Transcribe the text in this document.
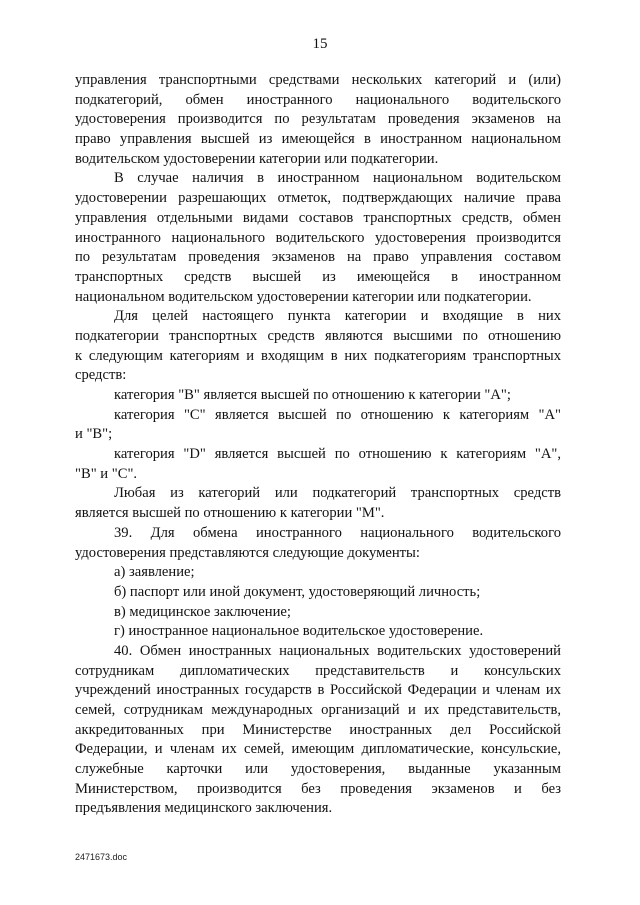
15
управления транспортными средствами нескольких категорий и (или)
подкатегорий, обмен иностранного национального водительского
удостоверения производится по результатам проведения экзаменов на
право управления высшей из имеющейся в иностранном национальном
водительском удостоверении категории или подкатегории.
В случае наличия в иностранном национальном водительском
удостоверении разрешающих отметок, подтверждающих наличие права
управления отдельными видами составов транспортных средств, обмен
иностранного национального водительского удостоверения производится
по результатам проведения экзаменов на право управления составом
транспортных средств высшей из имеющейся в иностранном
национальном водительском удостоверении категории или подкатегории.
Для целей настоящего пункта категории и входящие в них
подкатегории транспортных средств являются высшими по отношению
к следующим категориям и входящим в них подкатегориям транспортных
средств:
категория "B" является высшей по отношению к категории "A";
категория "C" является высшей по отношению к категориям "A"
и "B";
категория "D" является высшей по отношению к категориям "A",
"B" и "C".
Любая из категорий или подкатегорий транспортных средств
является высшей по отношению к категории "M".
39. Для обмена иностранного национального водительского
удостоверения представляются следующие документы:
а) заявление;
б) паспорт или иной документ, удостоверяющий личность;
в) медицинское заключение;
г) иностранное национальное водительское удостоверение.
40. Обмен иностранных национальных водительских удостоверений
сотрудникам дипломатических представительств и консульских
учреждений иностранных государств в Российской Федерации и членам их
семей, сотрудникам международных организаций и их представительств,
аккредитованных при Министерстве иностранных дел Российской
Федерации, и членам их семей, имеющим дипломатические, консульские,
служебные карточки или удостоверения, выданные указанным
Министерством, производится без проведения экзаменов и без
предъявления медицинского заключения.
2471673.doc
